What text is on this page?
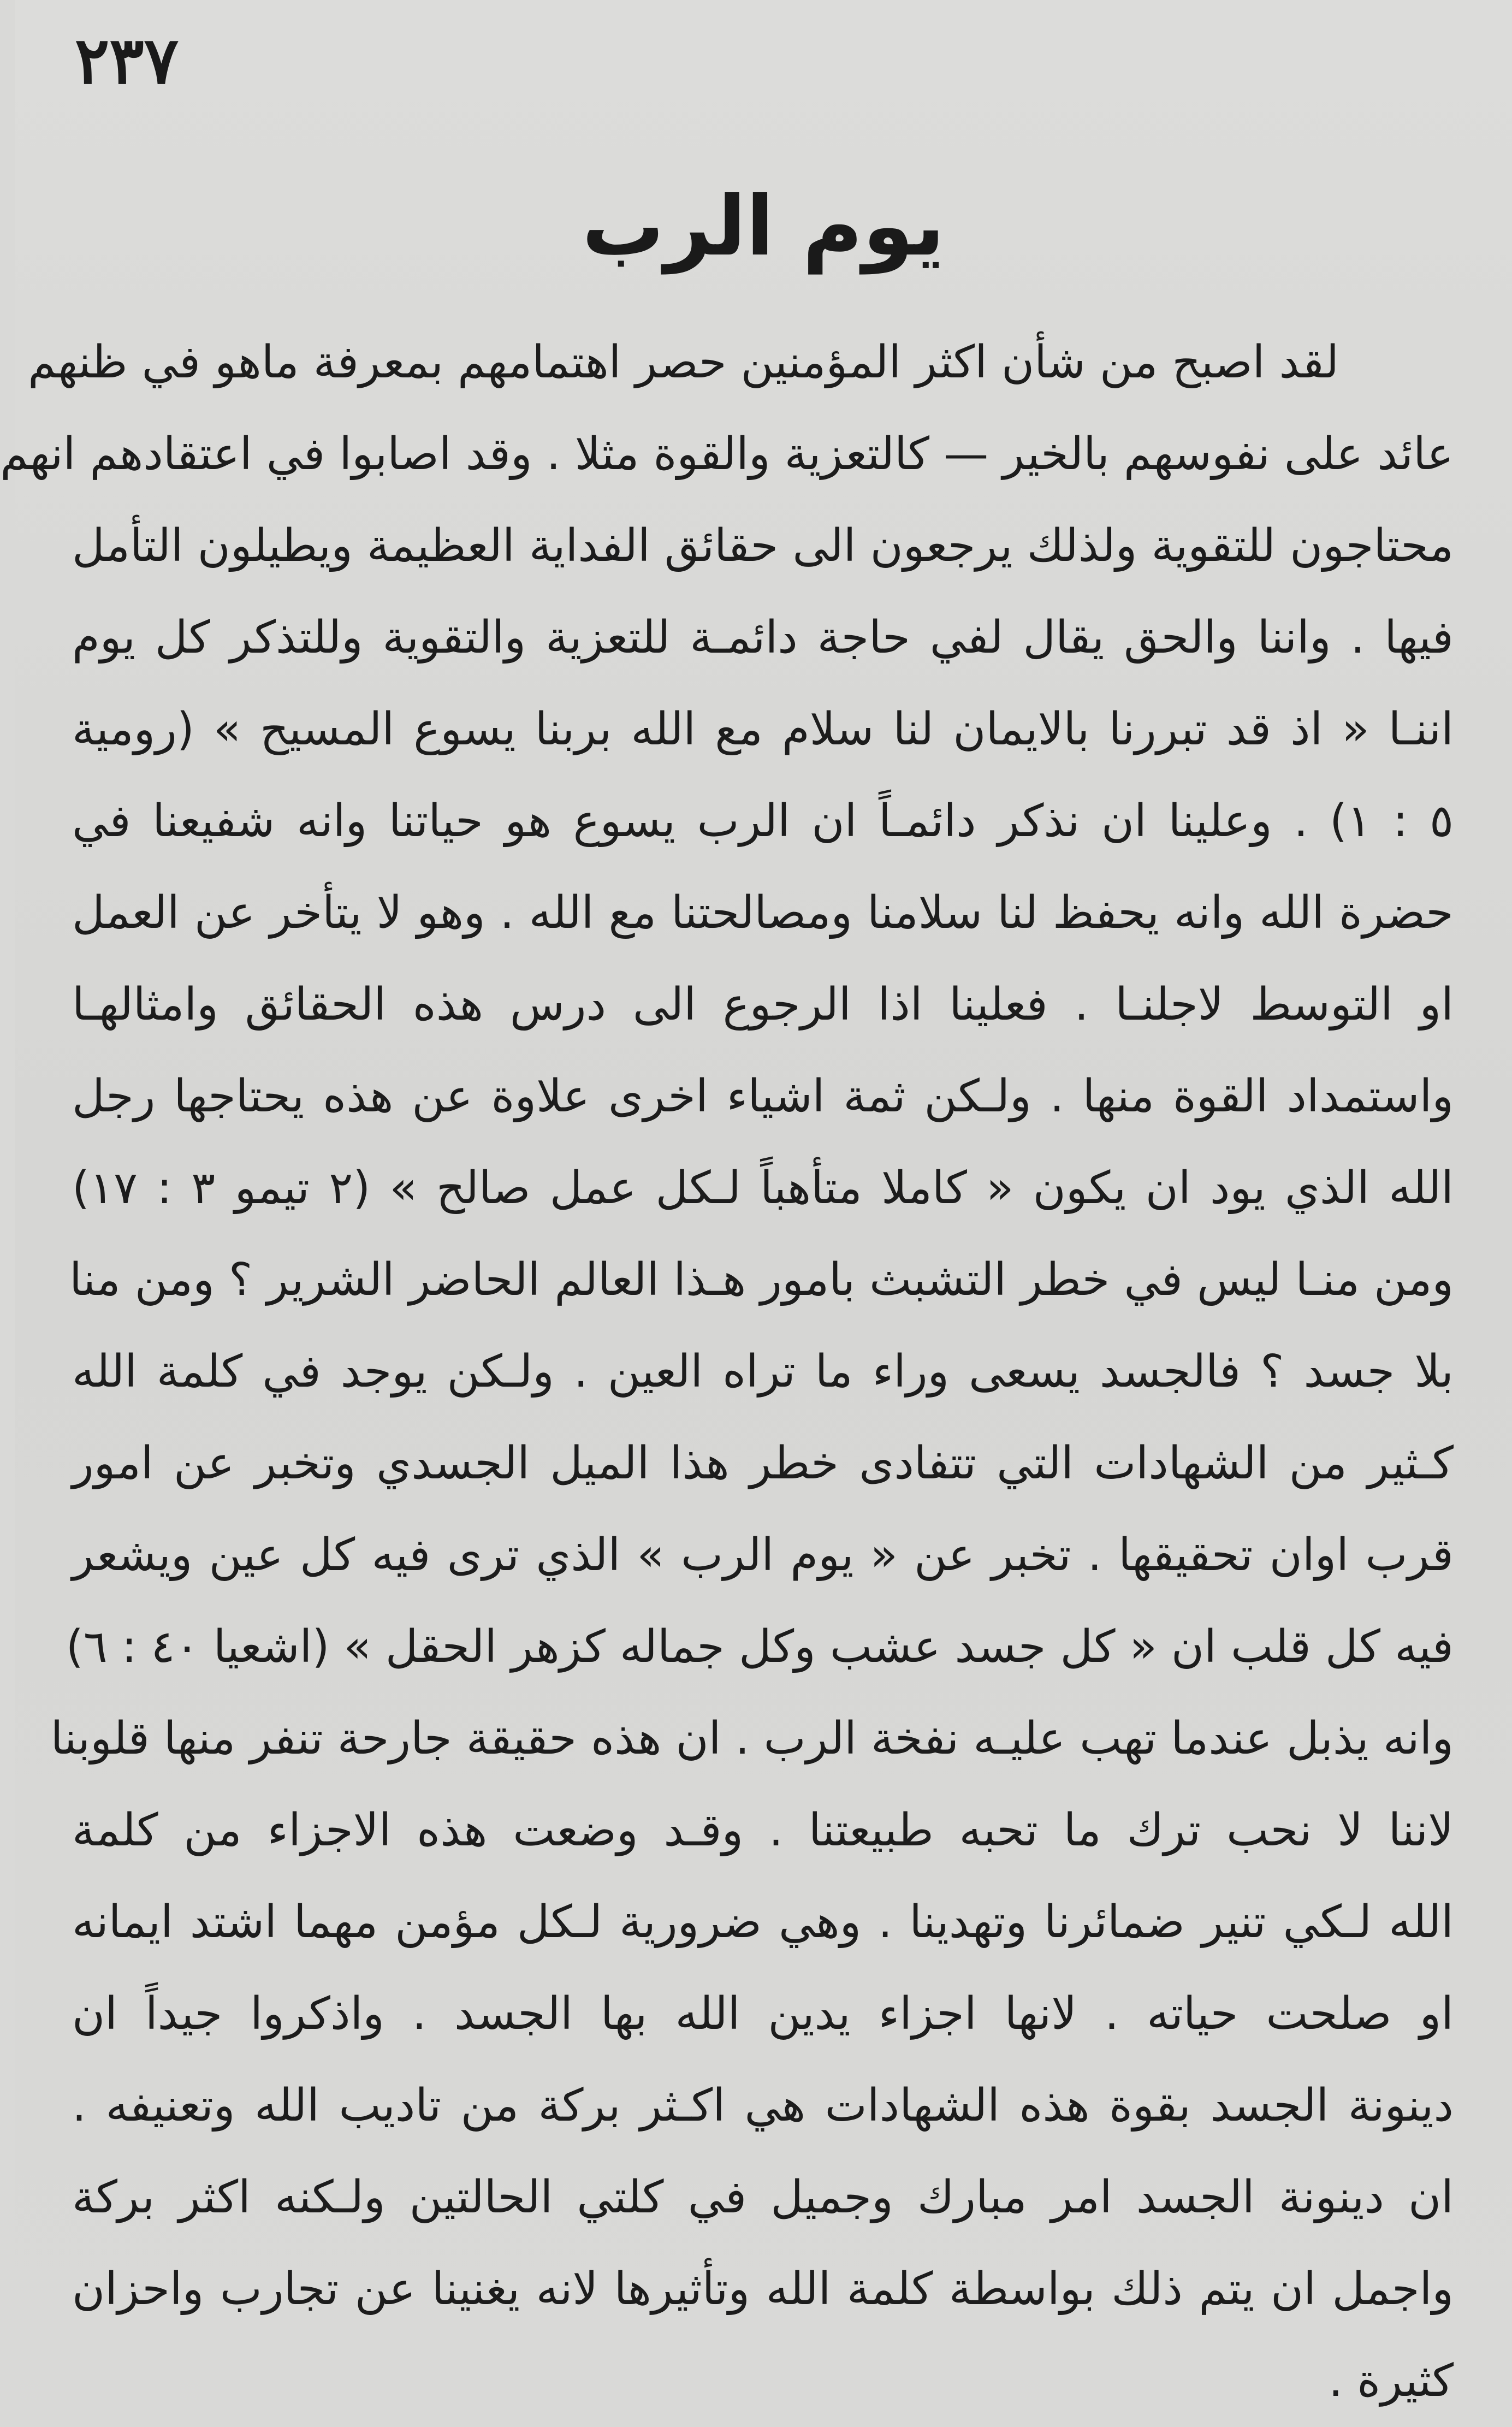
٢٣٧
يوم الرب
لقد اصبح من شأن اكثر المؤمنين حصر اهتمامهم بمعرفة ماهو في ظنهم
عائد على نفوسهم بالخير — كالتعزية والقوة مثلا . وقد اصابوا في اعتقادهم انهم
محتاجون للتقوية ولذلك يرجعون الى حقائق الفداية العظيمة ويطيلون التأمل
فيها . واننا والحق يقال لفي حاجة دائمـة للتعزية والتقوية وللتذكر كل يوم
اننـا « اذ قد تبررنا بالايمان لنا سلام مع الله بربنا يسوع المسيح » (رومية
٥ : ١) . وعلينا ان نذكر دائمـاً ان الرب يسوع هو حياتنا وانه شفيعنا في
حضرة الله وانه يحفظ لنا سلامنا ومصالحتنا مع الله . وهو لا يتأخر عن العمل
او التوسط لاجلنـا . فعلينا اذا الرجوع الى درس هذه الحقائق وامثالهـا
واستمداد القوة منها . ولـكن ثمة اشياء اخرى علاوة عن هذه يحتاجها رجل
الله الذي يود ان يكون « كاملا متأهباً لـكل عمل صالح » (٢ تيمو ٣ : ١٧)
ومن منـا ليس في خطر التشبث بامور هـذا العالم الحاضر الشرير ؟ ومن منا
بلا جسد ؟ فالجسد يسعى وراء ما تراه العين . ولـكن يوجد في كلمة الله
كـثير من الشهادات التي تتفادى خطر هذا الميل الجسدي وتخبر عن امور
قرب اوان تحقيقها . تخبر عن « يوم الرب » الذي ترى فيه كل عين ويشعر
فيه كل قلب ان « كل جسد عشب وكل جماله كزهر الحقل » (اشعيا ٤٠ : ٦)
وانه يذبل عندما تهب عليـه نفخة الرب . ان هذه حقيقة جارحة تنفر منها قلوبنا
لاننا لا نحب ترك ما تحبه طبيعتنا . وقـد وضعت هذه الاجزاء من كلمة
الله لـكي تنير ضمائرنا وتهدينا . وهي ضرورية لـكل مؤمن مهما اشتد ايمانه
او صلحت حياته . لانها اجزاء يدين الله بها الجسد . واذكروا جيداً ان
دينونة الجسد بقوة هذه الشهادات هي اكـثر بركة من تاديب الله وتعنيفه .
ان دينونة الجسد امر مبارك وجميل في كلتي الحالتين ولـكنه اكثر بركة
واجمل ان يتم ذلك بواسطة كلمة الله وتأثيرها لانه يغنينا عن تجارب واحزان
كثيرة .
